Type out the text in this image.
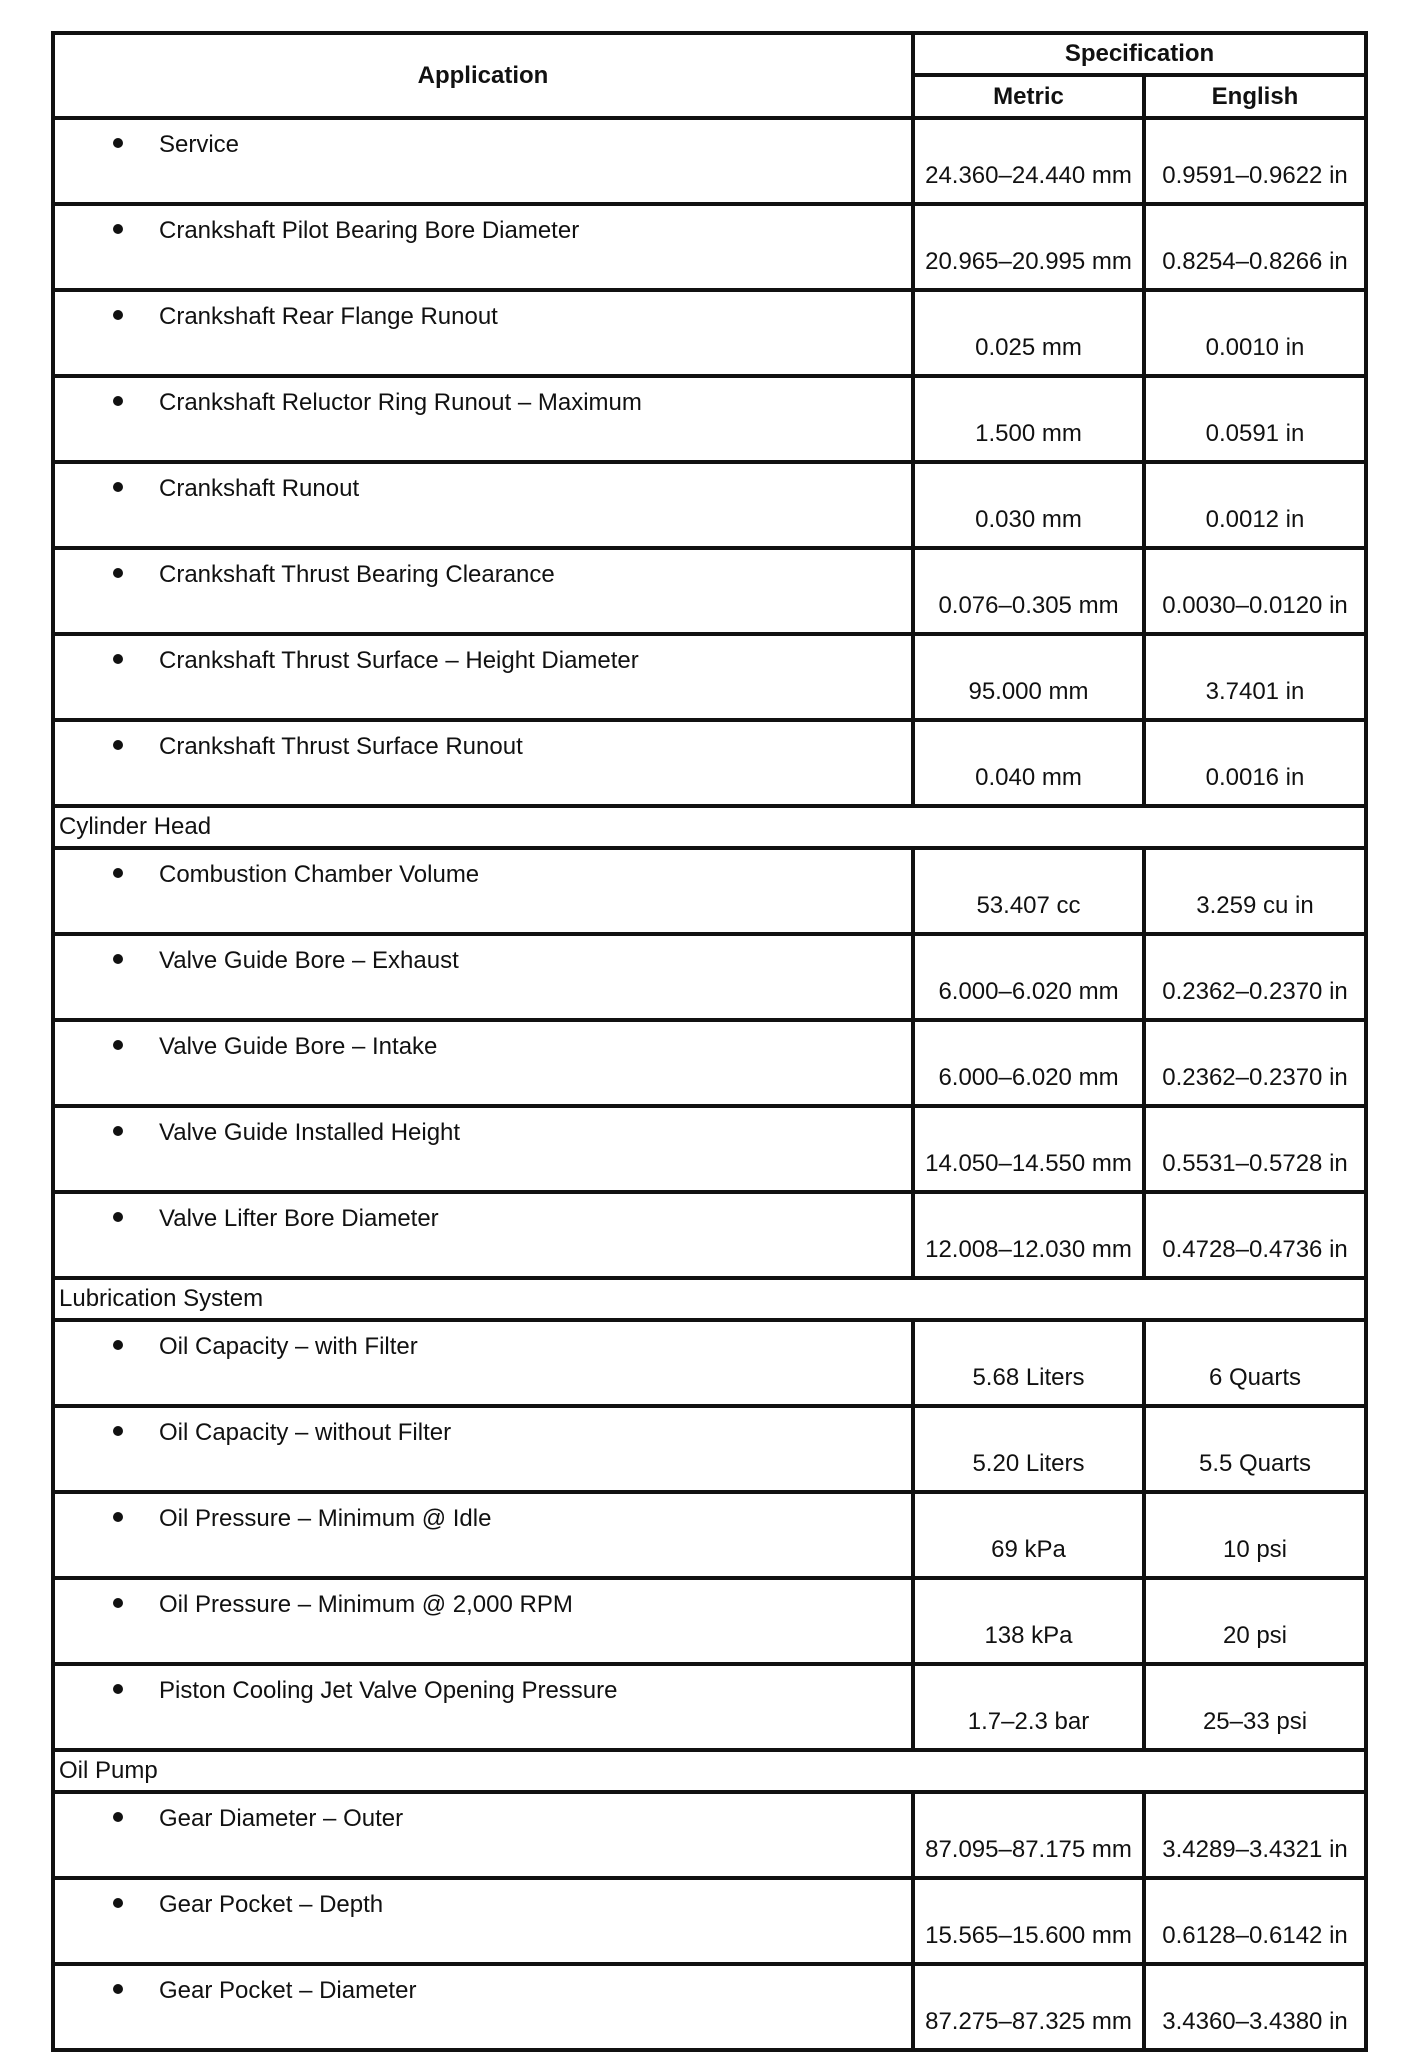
Application	Specification	
	Metric	English

Service	24.360–24.440 mm	0.9591–0.9622 in

Crankshaft Pilot Bearing Bore Diameter	20.965–20.995 mm	0.8254–0.8266 in

Crankshaft Rear Flange Runout	0.025 mm	0.0010 in

Crankshaft Reluctor Ring Runout – Maximum	1.500 mm	0.0591 in

Crankshaft Runout	0.030 mm	0.0012 in

Crankshaft Thrust Bearing Clearance	0.076–0.305 mm	0.0030–0.0120 in

Crankshaft Thrust Surface – Height Diameter	95.000 mm	3.7401 in

Crankshaft Thrust Surface Runout	0.040 mm	0.0016 in
Cylinder Head		

Combustion Chamber Volume	53.407 cc	3.259 cu in

Valve Guide Bore – Exhaust	6.000–6.020 mm	0.2362–0.2370 in

Valve Guide Bore – Intake	6.000–6.020 mm	0.2362–0.2370 in

Valve Guide Installed Height	14.050–14.550 mm	0.5531–0.5728 in

Valve Lifter Bore Diameter	12.008–12.030 mm	0.4728–0.4736 in
Lubrication System		

Oil Capacity – with Filter	5.68 Liters	6 Quarts

Oil Capacity – without Filter	5.20 Liters	5.5 Quarts

Oil Pressure – Minimum @ Idle	69 kPa	10 psi

Oil Pressure – Minimum @ 2,000 RPM	138 kPa	20 psi

Piston Cooling Jet Valve Opening Pressure	1.7–2.3 bar	25–33 psi
Oil Pump		

Gear Diameter – Outer	87.095–87.175 mm	3.4289–3.4321 in

Gear Pocket – Depth	15.565–15.600 mm	0.6128–0.6142 in

Gear Pocket – Diameter	87.275–87.325 mm	3.4360–3.4380 in
